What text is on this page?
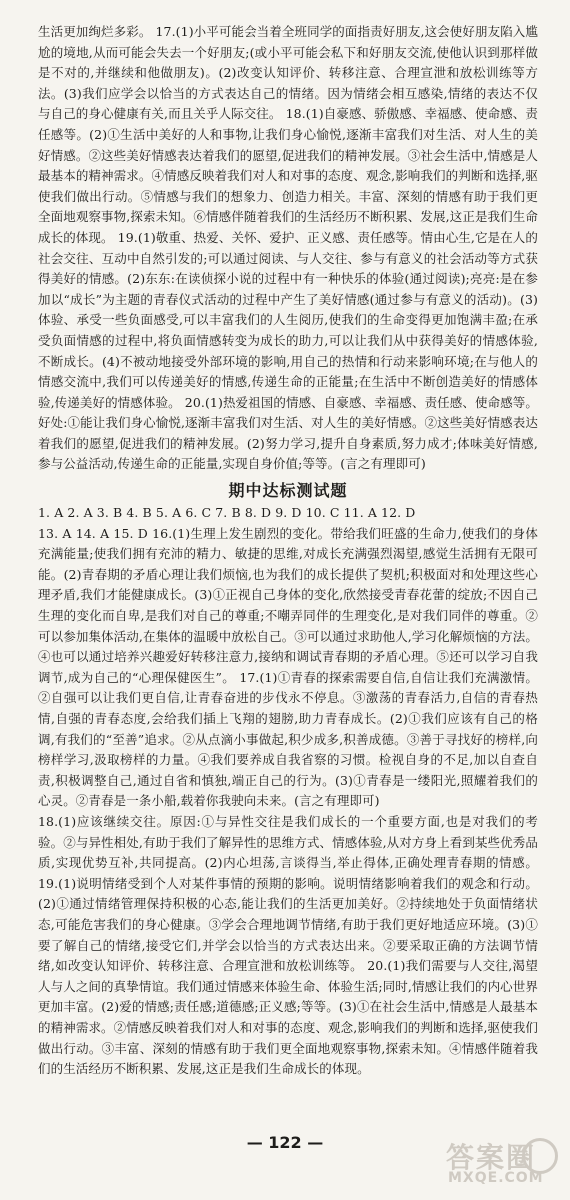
生活更加绚烂多彩。 17.(1)小平可能会当着全班同学的面指责好朋友,这会使好朋友陷入尴尬的境地,从而可能会失去一个好朋友;(或小平可能会私下和好朋友交流,使他认识到那样做是不对的,并继续和他做朋友)。(2)改变认知评价、转移注意、合理宣泄和放松训练等方法。(3)我们应学会以恰当的方式表达自己的情绪。因为情绪会相互感染,情绪的表达不仅与自己的身心健康有关,而且关乎人际交往。 18.(1)自豪感、骄傲感、幸福感、使命感、责任感等。(2)①生活中美好的人和事物,让我们身心愉悦,逐渐丰富我们对生活、对人生的美好情感。②这些美好情感表达着我们的愿望,促进我们的精神发展。③社会生活中,情感是人最基本的精神需求。④情感反映着我们对人和对事的态度、观念,影响我们的判断和选择,驱使我们做出行动。⑤情感与我们的想象力、创造力相关。丰富、深刻的情感有助于我们更全面地观察事物,探索未知。⑥情感伴随着我们的生活经历不断积累、发展,这正是我们生命成长的体现。 19.(1)敬重、热爱、关怀、爱护、正义感、责任感等。情由心生,它是在人的社会交往、互动中自然引发的;可以通过阅读、与人交往、参与有意义的社会活动等方式获得美好的情感。(2)东东:在读侦探小说的过程中有一种快乐的体验(通过阅读);亮亮:是在参加以“成长”为主题的青春仪式活动的过程中产生了美好情感(通过参与有意义的活动)。(3)体验、承受一些负面感受,可以丰富我们的人生阅历,使我们的生命变得更加饱满丰盈;在承受负面情感的过程中,将负面情感转变为成长的助力,可以让我们从中获得美好的情感体验,不断成长。(4)不被动地接受外部环境的影响,用自己的热情和行动来影响环境;在与他人的情感交流中,我们可以传递美好的情感,传递生命的正能量;在生活中不断创造美好的情感体验,传递美好的情感体验。 20.(1)热爱祖国的情感、自豪感、幸福感、责任感、使命感等。 好处:①能让我们身心愉悦,逐渐丰富我们对生活、对人生的美好情感。②这些美好情感表达着我们的愿望,促进我们的精神发展。(2)努力学习,提升自身素质,努力成才;体味美好情感,参与公益活动,传递生命的正能量,实现自身价值;等等。(言之有理即可)

期中达标测试题

1. A 2. A 3. B 4. B 5. A 6. C 7. B 8. D 9. D 10. C 11. A 12. D

13. A 14. A 15. D 16.(1)生理上发生剧烈的变化。带给我们旺盛的生命力,使我们的身体充满能量;使我们拥有充沛的精力、敏捷的思维,对成长充满强烈渴望,感觉生活拥有无限可能。(2)青春期的矛盾心理让我们烦恼,也为我们的成长提供了契机;积极面对和处理这些心理矛盾,我们才能健康成长。(3)①正视自己身体的变化,欣然接受青春花蕾的绽放;不因自己生理的变化而自卑,是我们对自己的尊重;不嘲弄同伴的生理变化,是对我们同伴的尊重。②可以参加集体活动,在集体的温暖中放松自己。③可以通过求助他人,学习化解烦恼的方法。④也可以通过培养兴趣爱好转移注意力,接纳和调试青春期的矛盾心理。⑤还可以学习自我调节,成为自己的“心理保健医生”。 17.(1)①青春的探索需要自信,自信让我们充满激情。②自强可以让我们更自信,让青春奋进的步伐永不停息。③激荡的青春活力,自信的青春热情,自强的青春态度,会给我们插上飞翔的翅膀,助力青春成长。(2)①我们应该有自己的格调,有我们的“至善”追求。②从点滴小事做起,积少成多,积善成德。③善于寻找好的榜样,向榜样学习,汲取榜样的力量。④我们要养成自我省察的习惯。检视自身的不足,加以自查自责,积极调整自己,通过自省和慎独,端正自己的行为。(3)①青春是一缕阳光,照耀着我们的心灵。②青春是一条小船,载着你我驶向未来。(言之有理即可)

18.(1)应该继续交往。原因:①与异性交往是我们成长的一个重要方面,也是对我们的考验。②与异性相处,有助于我们了解异性的思维方式、情感体验,从对方身上看到某些优秀品质,实现优势互补,共同提高。(2)内心坦荡,言谈得当,举止得体,正确处理青春期的情感。 19.(1)说明情绪受到个人对某件事情的预期的影响。说明情绪影响着我们的观念和行动。(2)①通过情绪管理保持积极的心态,能让我们的生活更加美好。②持续地处于负面情绪状态,可能危害我们的身心健康。③学会合理地调节情绪,有助于我们更好地适应环境。(3)①要了解自己的情绪,接受它们,并学会以恰当的方式表达出来。②要采取正确的方法调节情绪,如改变认知评价、转移注意、合理宣泄和放松训练等。 20.(1)我们需要与人交往,渴望人与人之间的真挚情谊。我们通过情感来体验生命、体验生活;同时,情感让我们的内心世界更加丰富。(2)爱的情感;责任感;道德感;正义感;等等。(3)①在社会生活中,情感是人最基本的精神需求。②情感反映着我们对人和对事的态度、观念,影响我们的判断和选择,驱使我们做出行动。③丰富、深刻的情感有助于我们更全面地观察事物,探索未知。④情感伴随着我们的生活经历不断积累、发展,这正是我们生命成长的体现。

— 122 —	答案圈
MXQE.COM
